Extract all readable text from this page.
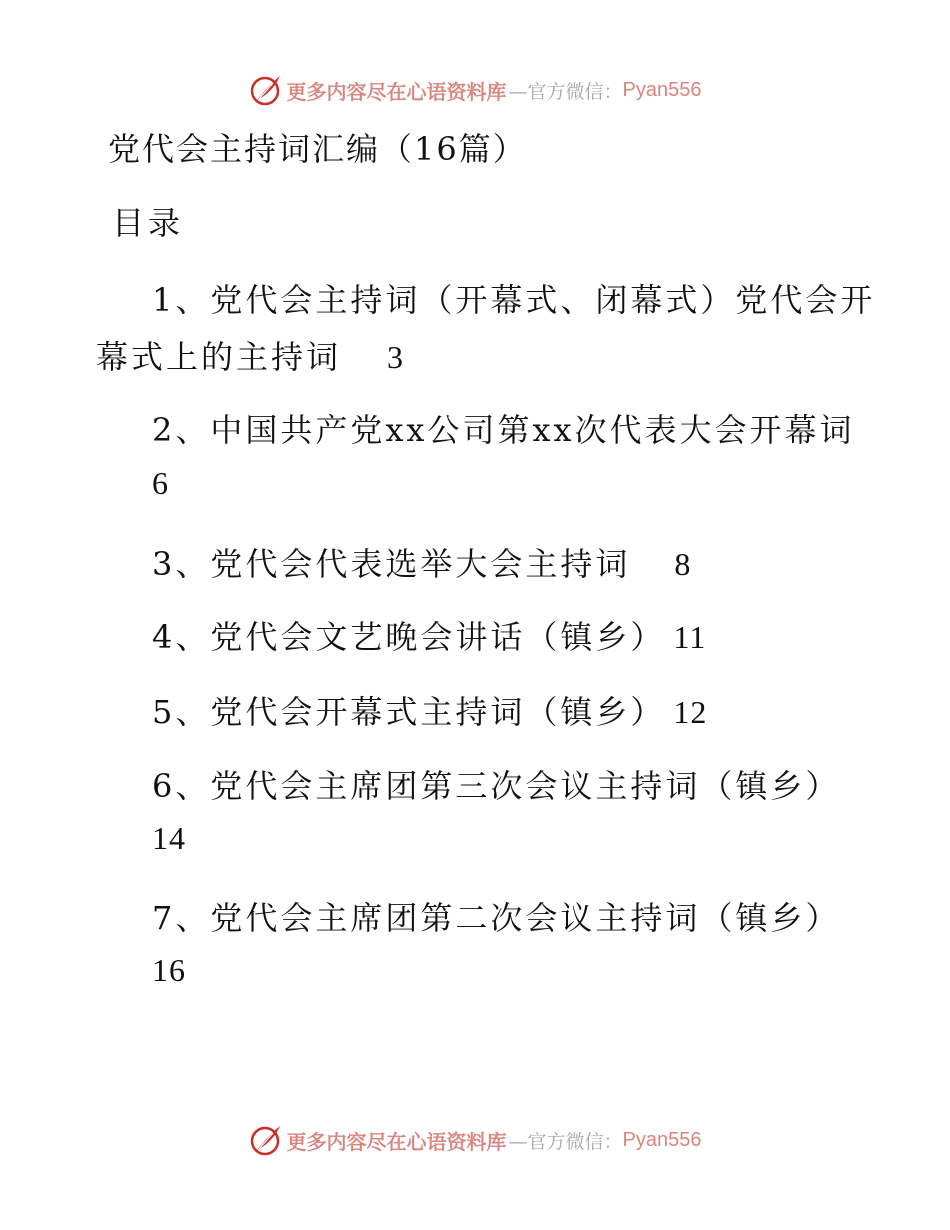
更多内容尽在心语资料库 —官方微信： Pyan556
党代会主持词汇编（16篇）
目录
1、党代会主持词（开幕式、闭幕式）党代会开
幕式上的主持词 3
2、中国共产党xx公司第xx次代表大会开幕词
6
3、党代会代表选举大会主持词 8
4、党代会文艺晚会讲话（镇乡） 11
5、党代会开幕式主持词（镇乡） 12
6、党代会主席团第三次会议主持词（镇乡）
14
7、党代会主席团第二次会议主持词（镇乡）
16
更多内容尽在心语资料库 —官方微信： Pyan556
